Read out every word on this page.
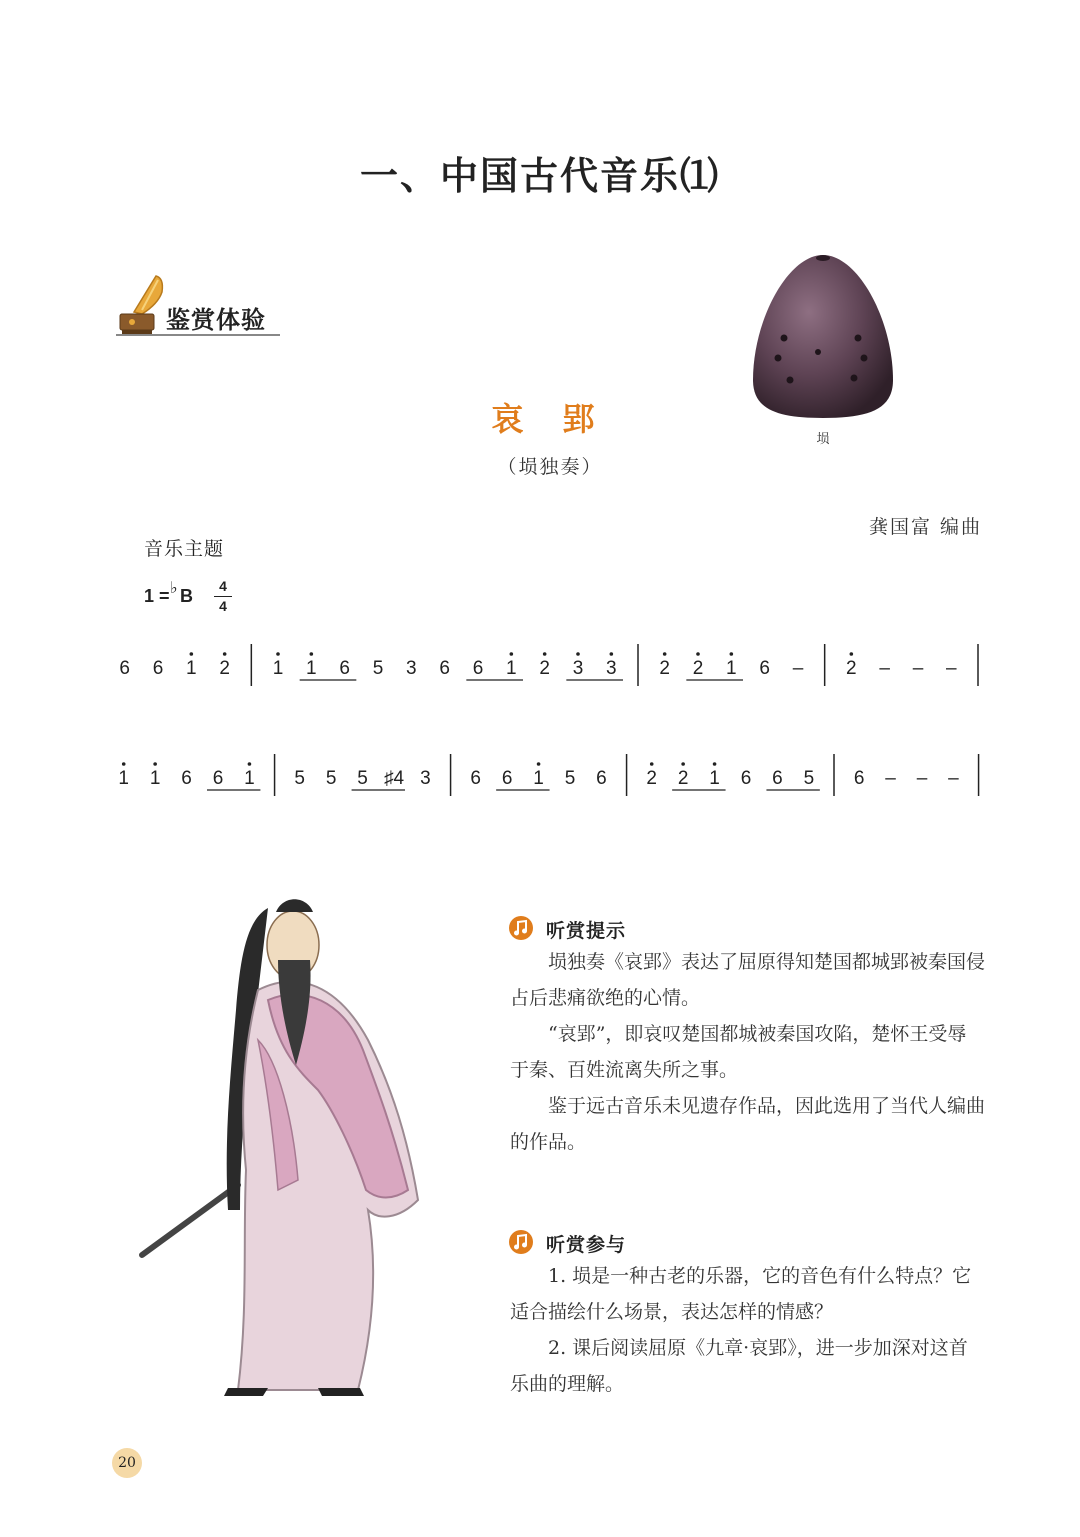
一、中国古代音乐⑴
鉴赏体验
哀 郢
（埙独奏）
埙
龚国富 编曲
音乐主题
1 = ♭ B	4
4
6 6 1 2 1 1 6 5 3 6 6 1 2 3 3 2 2 1 6 – 2 – – –
1 1 6 6 1 5 5 5 ♯4 3 6 6 1 5 6 2 2 1 6 6 5 6 – – –
听赏提示

埙独奏《哀郢》表达了屈原得知楚国都城郢被秦国侵占后悲痛欲绝的心情。

“哀郢”，即哀叹楚国都城被秦国攻陷，楚怀王受辱于秦、百姓流离失所之事。

鉴于远古音乐未见遗存作品，因此选用了当代人编曲的作品。

听赏参与

1. 埙是一种古老的乐器，它的音色有什么特点？它适合描绘什么场景，表达怎样的情感？

2. 课后阅读屈原《九章·哀郢》，进一步加深对这首乐曲的理解。

20
